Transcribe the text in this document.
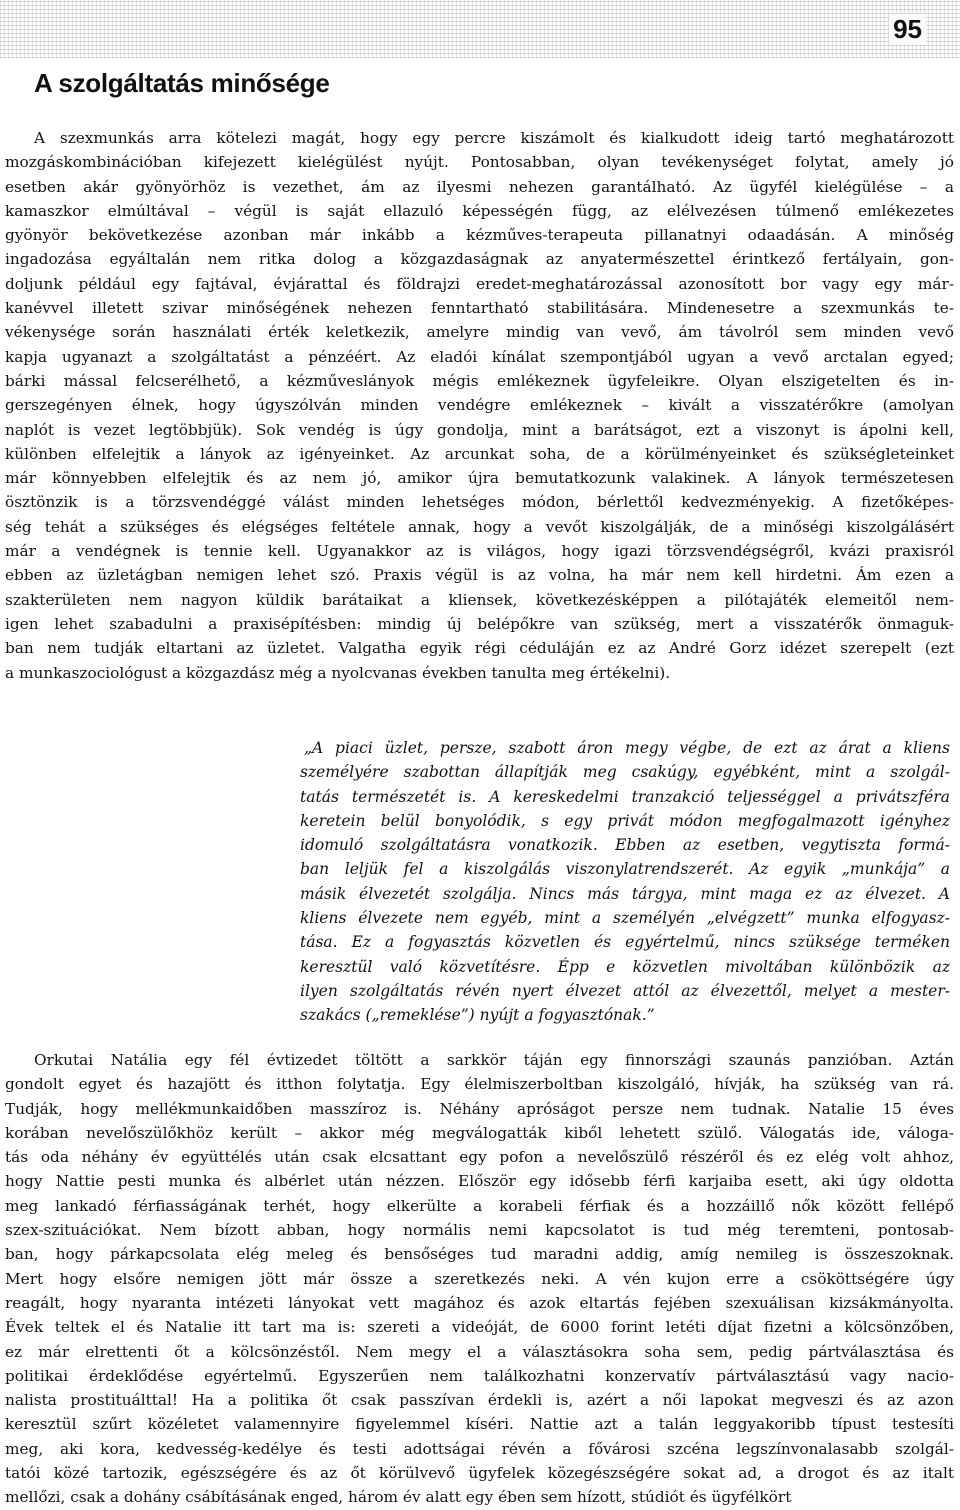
95
A szolgáltatás minősége
A szexmunkás arra kötelezi magát, hogy egy percre kiszámolt és kialkudott ideig tartó meghatározott
mozgáskombinációban kifejezett kielégülést nyújt. Pontosabban, olyan tevékenységet folytat, amely jó
esetben akár gyönyörhöz is vezethet, ám az ilyesmi nehezen garantálható. Az ügyfél kielégülése – a
kamaszkor elmúltával – végül is saját ellazuló képességén függ, az elélvezésen túlmenő emlékezetes
gyönyör bekövetkezése azonban már inkább a kézműves-terapeuta pillanatnyi odaadásán. A minőség
ingadozása egyáltalán nem ritka dolog a közgazdaságnak az anyatermészettel érintkező fertályain, gon-
doljunk például egy fajtával, évjárattal és földrajzi eredet-meghatározással azonosított bor vagy egy már-
kanévvel illetett szivar minőségének nehezen fenntartható stabilitására. Mindenesetre a szexmunkás te-
vékenysége során használati érték keletkezik, amelyre mindig van vevő, ám távolról sem minden vevő
kapja ugyanazt a szolgáltatást a pénzéért. Az eladói kínálat szempontjából ugyan a vevő arctalan egyed;
bárki mással felcserélhető, a kézműveslányok mégis emlékeznek ügyfeleikre. Olyan elszigetelten és in-
gerszegényen élnek, hogy úgyszólván minden vendégre emlékeznek – kivált a visszatérőkre (amolyan
naplót is vezet legtöbbjük). Sok vendég is úgy gondolja, mint a barátságot, ezt a viszonyt is ápolni kell,
különben elfelejtik a lányok az igényeinket. Az arcunkat soha, de a körülményeinket és szükségleteinket
már könnyebben elfelejtik és az nem jó, amikor újra bemutatkozunk valakinek. A lányok természetesen
ösztönzik is a törzsvendéggé válást minden lehetséges módon, bérlettől kedvezményekig. A fizetőképes-
ség tehát a szükséges és elégséges feltétele annak, hogy a vevőt kiszolgálják, de a minőségi kiszolgálásért
már a vendégnek is tennie kell. Ugyanakkor az is világos, hogy igazi törzsvendégségről, kvázi praxisról
ebben az üzletágban nemigen lehet szó. Praxis végül is az volna, ha már nem kell hirdetni. Ám ezen a
szakterületen nem nagyon küldik barátaikat a kliensek, következésképpen a pilótajáték elemeitől nem-
igen lehet szabadulni a praxisépítésben: mindig új belépőkre van szükség, mert a visszatérők önmaguk-
ban nem tudják eltartani az üzletet. Valgatha egyik régi céduláján ez az André Gorz idézet szerepelt (ezt
a munkaszociológust a közgazdász még a nyolcvanas években tanulta meg értékelni).
„A piaci üzlet, persze, szabott áron megy végbe, de ezt az árat a kliens
személyére szabottan állapítják meg csakúgy, egyébként, mint a szolgál-
tatás természetét is. A kereskedelmi tranzakció teljességgel a privátszféra
keretein belül bonyolódik, s egy privát módon megfogalmazott igényhez
idomuló szolgáltatásra vonatkozik. Ebben az esetben, vegytiszta formá-
ban leljük fel a kiszolgálás viszonylatrendszerét. Az egyik „munkája” a
másik élvezetét szolgálja. Nincs más tárgya, mint maga ez az élvezet. A
kliens élvezete nem egyéb, mint a személyén „elvégzett” munka elfogyasz-
tása. Ez a fogyasztás közvetlen és egyértelmű, nincs szüksége terméken
keresztül való közvetítésre. Épp e közvetlen mivoltában különbözik az
ilyen szolgáltatás révén nyert élvezet attól az élvezettől, melyet a mester-
szakács („remeklése”) nyújt a fogyasztónak.”
Orkutai Natália egy fél évtizedet töltött a sarkkör táján egy finnországi szaunás panzióban. Aztán
gondolt egyet és hazajött és itthon folytatja. Egy élelmiszerboltban kiszolgáló, hívják, ha szükség van rá.
Tudják, hogy mellékmunkaidőben masszíroz is. Néhány apróságot persze nem tudnak. Natalie 15 éves
korában nevelőszülőkhöz került – akkor még megválogatták kiből lehetett szülő. Válogatás ide, váloga-
tás oda néhány év együttélés után csak elcsattant egy pofon a nevelőszülő részéről és ez elég volt ahhoz,
hogy Nattie pesti munka és albérlet után nézzen. Először egy idősebb férfi karjaiba esett, aki úgy oldotta
meg lankadó férfiasságának terhét, hogy elkerülte a korabeli férfiak és a hozzáillő nők között fellépő
szex-szituációkat. Nem bízott abban, hogy normális nemi kapcsolatot is tud még teremteni, pontosab-
ban, hogy párkapcsolata elég meleg és bensőséges tud maradni addig, amíg nemileg is összeszoknak.
Mert hogy elsőre nemigen jött már össze a szeretkezés neki. A vén kujon erre a csököttségére úgy
reagált, hogy nyaranta intézeti lányokat vett magához és azok eltartás fejében szexuálisan kizsákmányolta.
Évek teltek el és Natalie itt tart ma is: szereti a videóját, de 6000 forint letéti díjat fizetni a kölcsönzőben,
ez már elrettenti őt a kölcsönzéstől. Nem megy el a választásokra soha sem, pedig pártválasztása és
politikai érdeklődése egyértelmű. Egyszerűen nem találkozhatni konzervatív pártválasztású vagy nacio-
nalista prostituálttal! Ha a politika őt csak passzívan érdekli is, azért a női lapokat megveszi és az azon
keresztül szűrt közéletet valamennyire figyelemmel kíséri. Nattie azt a talán leggyakoribb típust testesíti
meg, aki kora, kedvesség-kedélye és testi adottságai révén a fővárosi szcéna legszínvonalasabb szolgál-
tatói közé tartozik, egészségére és az őt körülvevő ügyfelek közegészségére sokat ad, a drogot és az italt
mellőzi, csak a dohány csábításának enged, három év alatt egy ében sem hízott, stúdiót és ügyfélkört
